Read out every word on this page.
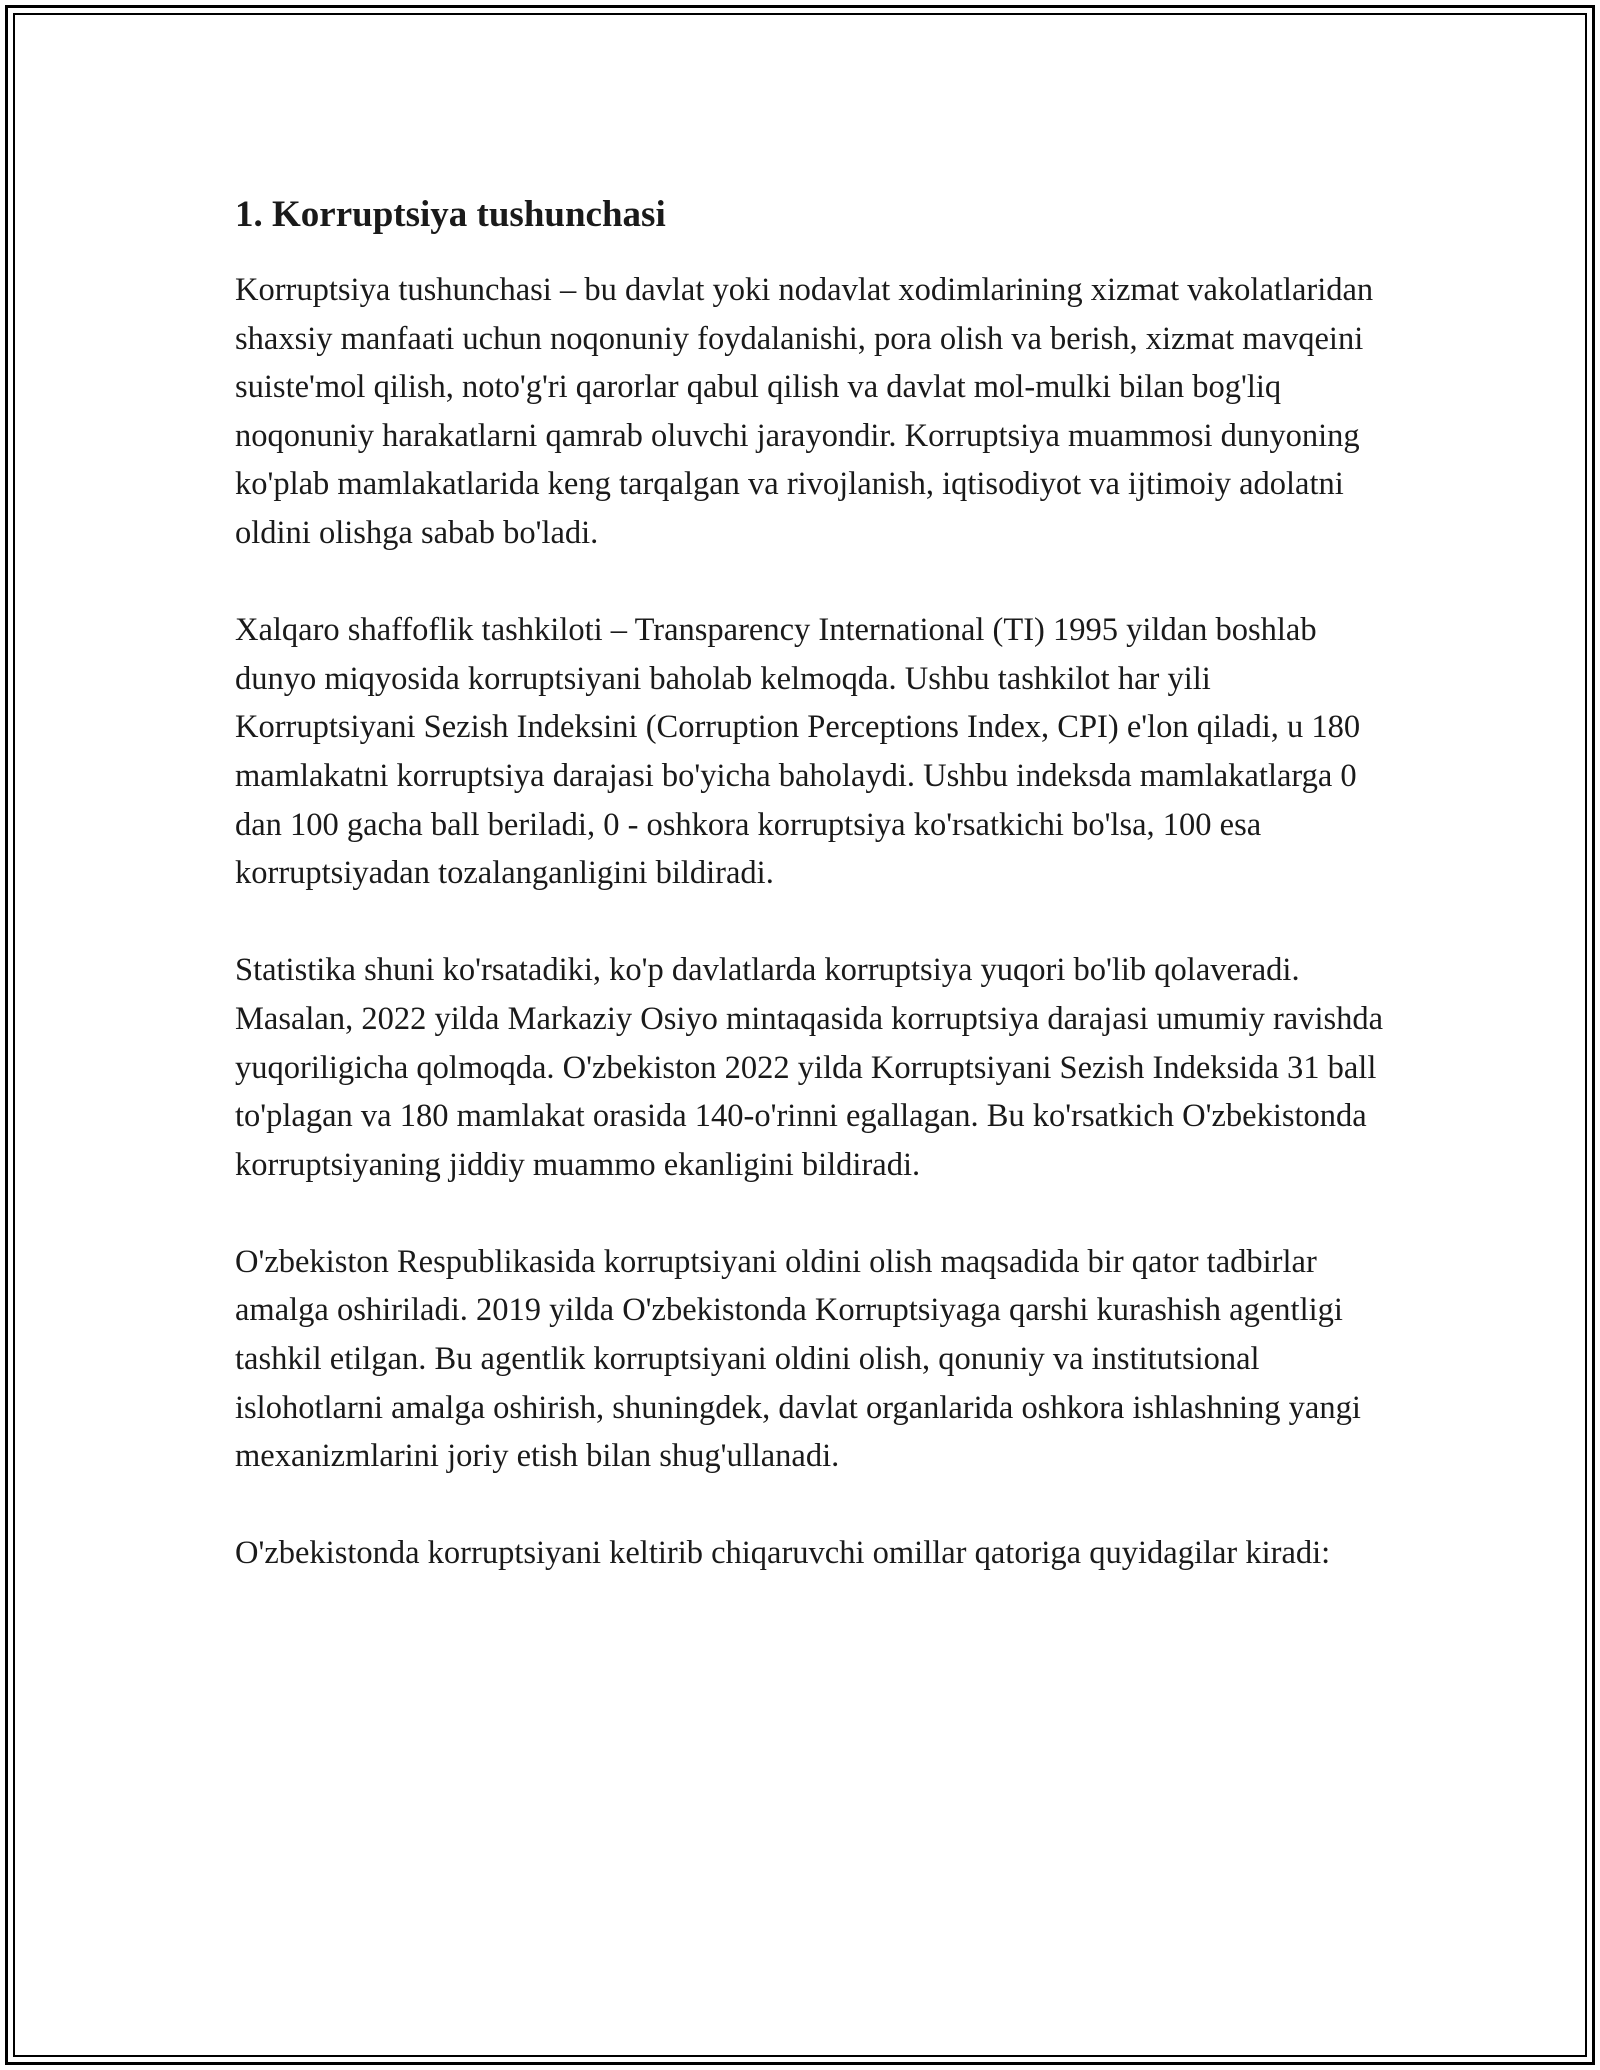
1. Korruptsiya tushunchasi

Korruptsiya tushunchasi – bu davlat yoki nodavlat xodimlarining xizmat vakolatlaridan shaxsiy manfaati uchun noqonuniy foydalanishi, pora olish va berish, xizmat mavqeini suiste'mol qilish, noto'g'ri qarorlar qabul qilish va davlat mol-mulki bilan bog'liq noqonuniy harakatlarni qamrab oluvchi jarayondir. Korruptsiya muammosi dunyoning ko'plab mamlakatlarida keng tarqalgan va rivojlanish, iqtisodiyot va ijtimoiy adolatni oldini olishga sabab bo'ladi.

Xalqaro shaffoflik tashkiloti – Transparency International (TI) 1995 yildan boshlab dunyo miqyosida korruptsiyani baholab kelmoqda. Ushbu tashkilot har yili Korruptsiyani Sezish Indeksini (Corruption Perceptions Index, CPI) e'lon qiladi, u 180 mamlakatni korruptsiya darajasi bo'yicha baholaydi. Ushbu indeksda mamlakatlarga 0 dan 100 gacha ball beriladi, 0 - oshkora korruptsiya ko'rsatkichi bo'lsa, 100 esa korruptsiyadan tozalanganligini bildiradi.

Statistika shuni ko'rsatadiki, ko'p davlatlarda korruptsiya yuqori bo'lib qolaveradi. Masalan, 2022 yilda Markaziy Osiyo mintaqasida korruptsiya darajasi umumiy ravishda yuqoriligicha qolmoqda. O'zbekiston 2022 yilda Korruptsiyani Sezish Indeksida 31 ball to'plagan va 180 mamlakat orasida 140-o'rinni egallagan. Bu ko'rsatkich O'zbekistonda korruptsiyaning jiddiy muammo ekanligini bildiradi.

O'zbekiston Respublikasida korruptsiyani oldini olish maqsadida bir qator tadbirlar amalga oshiriladi. 2019 yilda O'zbekistonda Korruptsiyaga qarshi kurashish agentligi tashkil etilgan. Bu agentlik korruptsiyani oldini olish, qonuniy va institutsional islohotlarni amalga oshirish, shuningdek, davlat organlarida oshkora ishlashning yangi mexanizmlarini joriy etish bilan shug'ullanadi.

O'zbekistonda korruptsiyani keltirib chiqaruvchi omillar qatoriga quyidagilar kiradi:
